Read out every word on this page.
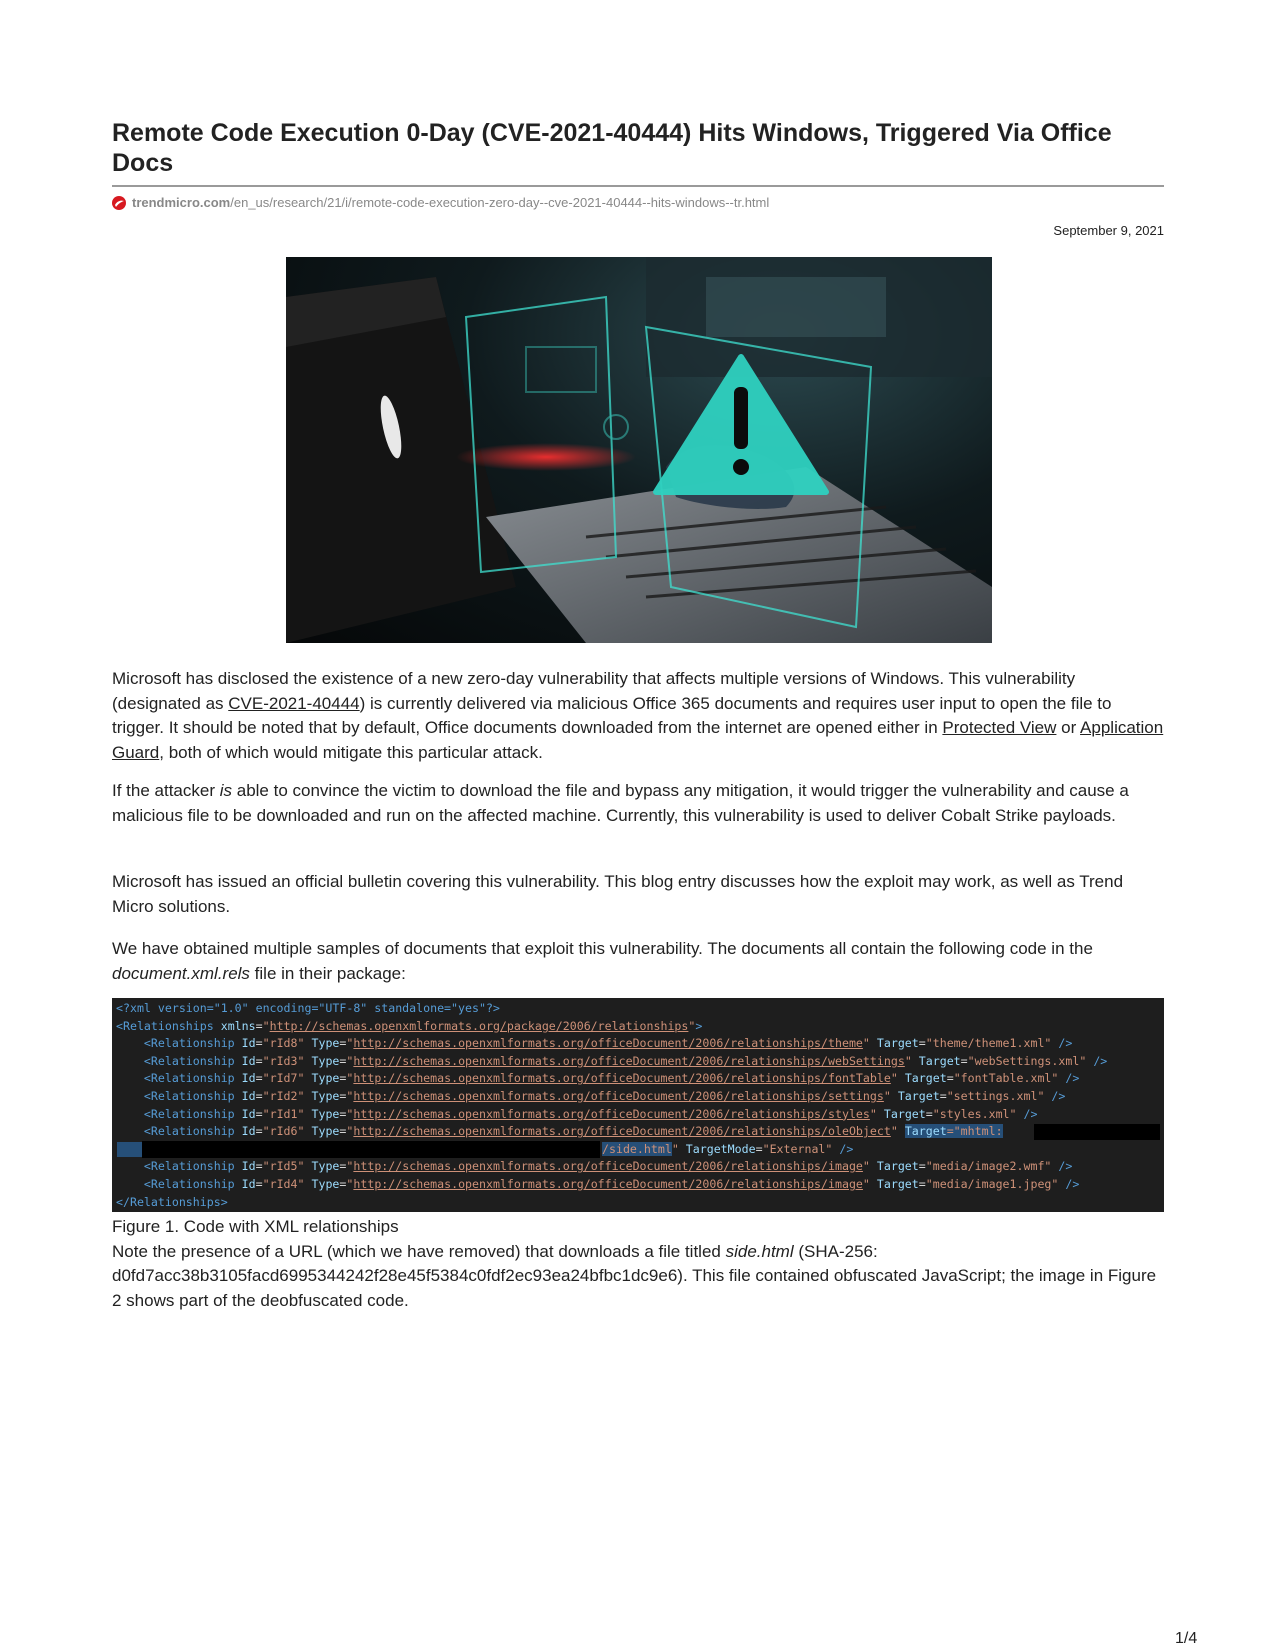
Remote Code Execution 0-Day (CVE-2021-40444) Hits Windows, Triggered Via Office Docs
trendmicro.com /en_us/research/21/i/remote-code-execution-zero-day--cve-2021-40444--hits-windows--tr.html
September 9, 2021

Microsoft has disclosed the existence of a new zero-day vulnerability that affects multiple versions of Windows. This vulnerability (designated as CVE-2021-40444) is currently delivered via malicious Office 365 documents and requires user input to open the file to trigger. It should be noted that by default, Office documents downloaded from the internet are opened either in Protected View or Application Guard, both of which would mitigate this particular attack.

If the attacker is able to convince the victim to download the file and bypass any mitigation, it would trigger the vulnerability and cause a malicious file to be downloaded and run on the affected machine. Currently, this vulnerability is used to deliver Cobalt Strike payloads.

Microsoft has issued an official bulletin covering this vulnerability. This blog entry discusses how the exploit may work, as well as Trend Micro solutions.

We have obtained multiple samples of documents that exploit this vulnerability. The documents all contain the following code in the document.xml.rels file in their package:

<?xml version="1.0" encoding="UTF-8" standalone="yes"?>
<Relationships xmlns="http://schemas.openxmlformats.org/package/2006/relationships">
<Relationship Id="rId8" Type="http://schemas.openxmlformats.org/officeDocument/2006/relationships/theme" Target="theme/theme1.xml" />
<Relationship Id="rId3" Type="http://schemas.openxmlformats.org/officeDocument/2006/relationships/webSettings" Target="webSettings.xml" />
<Relationship Id="rId7" Type="http://schemas.openxmlformats.org/officeDocument/2006/relationships/fontTable" Target="fontTable.xml" />
<Relationship Id="rId2" Type="http://schemas.openxmlformats.org/officeDocument/2006/relationships/settings" Target="settings.xml" />
<Relationship Id="rId1" Type="http://schemas.openxmlformats.org/officeDocument/2006/relationships/styles" Target="styles.xml" />
<Relationship Id="rId6" Type="http://schemas.openxmlformats.org/officeDocument/2006/relationships/oleObject" Target="mhtml:
/side.html" TargetMode="External" />
<Relationship Id="rId5" Type="http://schemas.openxmlformats.org/officeDocument/2006/relationships/image" Target="media/image2.wmf" />
<Relationship Id="rId4" Type="http://schemas.openxmlformats.org/officeDocument/2006/relationships/image" Target="media/image1.jpeg" />
</Relationships>
Figure 1. Code with XML relationships
Note the presence of a URL (which we have removed) that downloads a file titled side.html (SHA-256: d0fd7acc38b3105facd6995344242f28e45f5384c0fdf2ec93ea24bfbc1dc9e6). This file contained obfuscated JavaScript; the image in Figure 2 shows part of the deobfuscated code.
1/4
